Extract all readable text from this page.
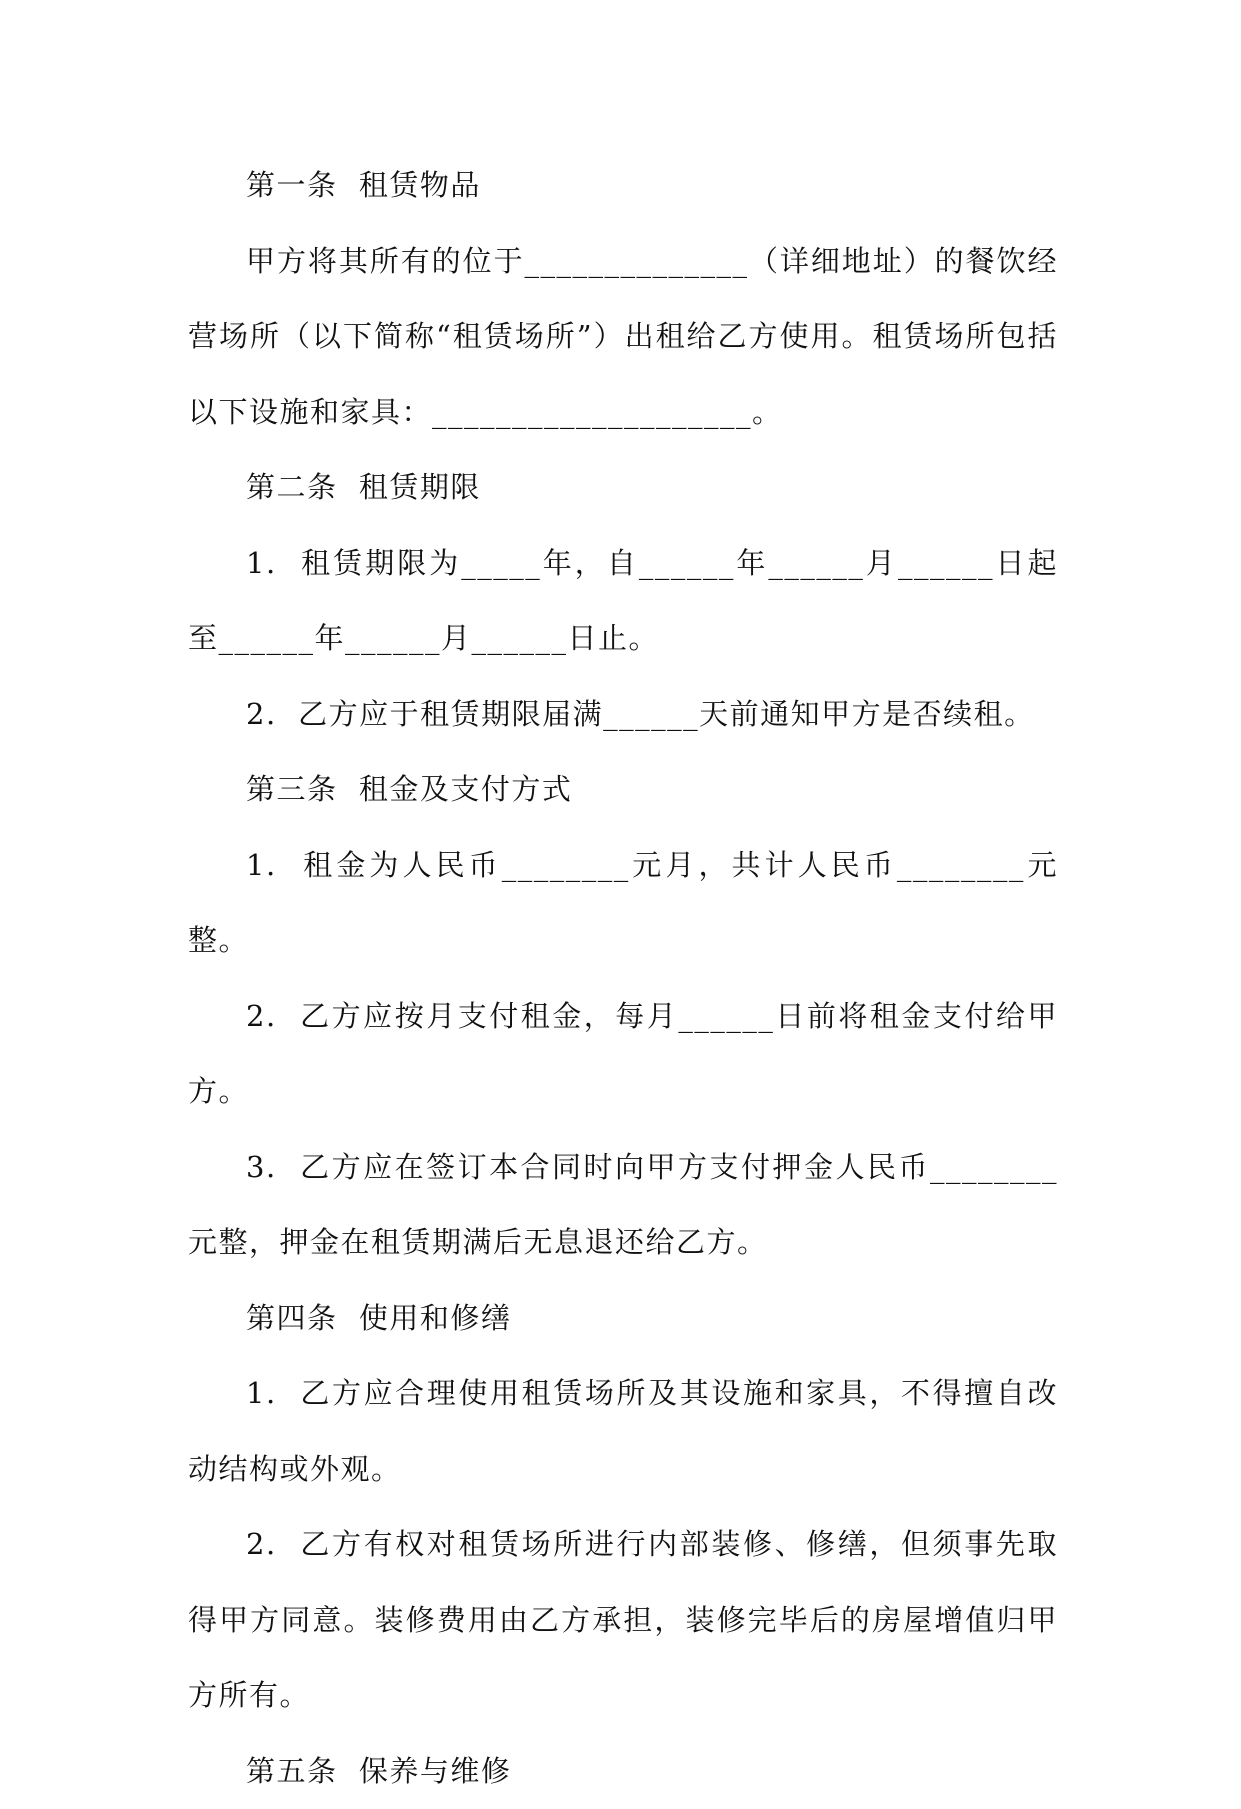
第一条  租赁物品

甲方将其所有的位于______________（详细地址）的餐饮经营场所（以下简称“租赁场所”）出租给乙方使用。租赁场所包括以下设施和家具：____________________。

第二条  租赁期限

1.  租赁期限为_____年，自______年______月______日起至______年______月______日止。

2.  乙方应于租赁期限届满______天前通知甲方是否续租。

第三条  租金及支付方式

1.  租金为人民币________元月，共计人民币________元整。

2.  乙方应按月支付租金，每月______日前将租金支付给甲方。

3.  乙方应在签订本合同时向甲方支付押金人民币________元整，押金在租赁期满后无息退还给乙方。

第四条  使用和修缮

1.  乙方应合理使用租赁场所及其设施和家具，不得擅自改动结构或外观。

2.  乙方有权对租赁场所进行内部装修、修缮，但须事先取得甲方同意。装修费用由乙方承担，装修完毕后的房屋增值归甲方所有。

第五条  保养与维修
